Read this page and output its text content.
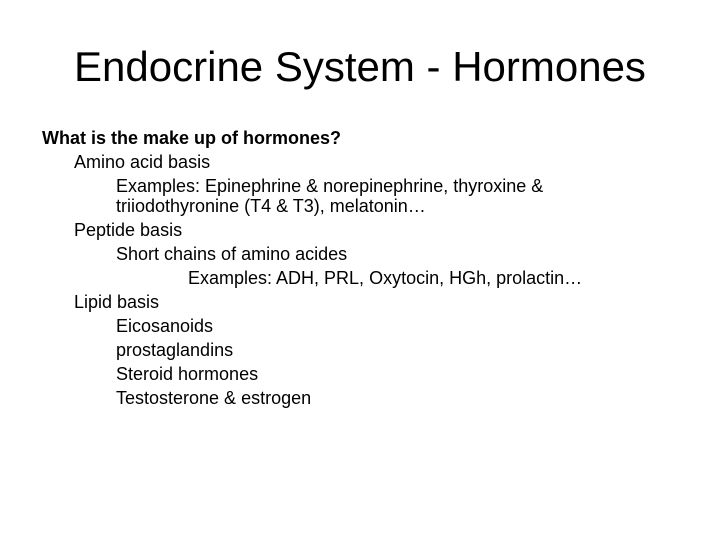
Endocrine System - Hormones
What is the make up of hormones?
Amino acid basis
Examples: Epinephrine & norepinephrine, thyroxine & triiodothyronine (T4 & T3), melatonin…
Peptide basis
Short chains of amino acides
Examples: ADH, PRL, Oxytocin, HGh, prolactin…
Lipid basis
Eicosanoids
prostaglandins
Steroid hormones
Testosterone & estrogen
